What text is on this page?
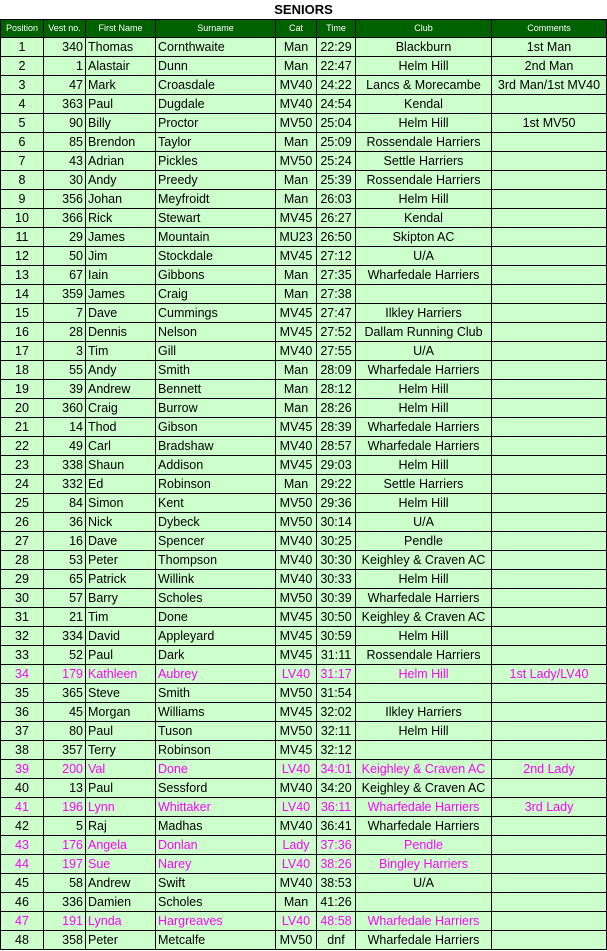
SENIORS
Position	Vest no.	First Name	Surname	Cat	Time	Club	Comments
1	340	Thomas	Cornthwaite	Man	22:29	Blackburn	1st Man
2	1	Alastair	Dunn	Man	22:47	Helm Hill	2nd Man
3	47	Mark	Croasdale	MV40	24:22	Lancs & Morecambe	3rd Man/1st MV40
4	363	Paul	Dugdale	MV40	24:54	Kendal	
5	90	Billy	Proctor	MV50	25:04	Helm Hill	1st MV50
6	85	Brendon	Taylor	Man	25:09	Rossendale Harriers	
7	43	Adrian	Pickles	MV50	25:24	Settle Harriers	
8	30	Andy	Preedy	Man	25:39	Rossendale Harriers	
9	356	Johan	Meyfroidt	Man	26:03	Helm Hill	
10	366	Rick	Stewart	MV45	26:27	Kendal	
11	29	James	Mountain	MU23	26:50	Skipton AC	
12	50	Jim	Stockdale	MV45	27:12	U/A	
13	67	Iain	Gibbons	Man	27:35	Wharfedale Harriers	
14	359	James	Craig	Man	27:38		
15	7	Dave	Cummings	MV45	27:47	Ilkley Harriers	
16	28	Dennis	Nelson	MV45	27:52	Dallam Running Club	
17	3	Tim	Gill	MV40	27:55	U/A	
18	55	Andy	Smith	Man	28:09	Wharfedale Harriers	
19	39	Andrew	Bennett	Man	28:12	Helm Hill	
20	360	Craig	Burrow	Man	28:26	Helm Hill	
21	14	Thod	Gibson	MV45	28:39	Wharfedale Harriers	
22	49	Carl	Bradshaw	MV40	28:57	Wharfedale Harriers	
23	338	Shaun	Addison	MV45	29:03	Helm Hill	
24	332	Ed	Robinson	Man	29:22	Settle Harriers	
25	84	Simon	Kent	MV50	29:36	Helm Hill	
26	36	Nick	Dybeck	MV50	30:14	U/A	
27	16	Dave	Spencer	MV40	30:25	Pendle	
28	53	Peter	Thompson	MV40	30:30	Keighley & Craven AC	
29	65	Patrick	Willink	MV40	30:33	Helm Hill	
30	57	Barry	Scholes	MV50	30:39	Wharfedale Harriers	
31	21	Tim	Done	MV45	30:50	Keighley & Craven AC	
32	334	David	Appleyard	MV45	30:59	Helm Hill	
33	52	Paul	Dark	MV45	31:11	Rossendale Harriers	
34	179	Kathleen	Aubrey	LV40	31:17	Helm Hill	1st Lady/LV40
35	365	Steve	Smith	MV50	31:54		
36	45	Morgan	Williams	MV45	32:02	Ilkley Harriers	
37	80	Paul	Tuson	MV50	32:11	Helm Hill	
38	357	Terry	Robinson	MV45	32:12		
39	200	Val	Done	LV40	34:01	Keighley & Craven AC	2nd Lady
40	13	Paul	Sessford	MV40	34:20	Keighley & Craven AC	
41	196	Lynn	Whittaker	LV40	36:11	Wharfedale Harriers	3rd Lady
42	5	Raj	Madhas	MV40	36:41	Wharfedale Harriers	
43	176	Angela	Donlan	Lady	37:36	Pendle	
44	197	Sue	Narey	LV40	38:26	Bingley Harriers	
45	58	Andrew	Swift	MV40	38:53	U/A	
46	336	Damien	Scholes	Man	41:26		
47	191	Lynda	Hargreaves	LV40	48:58	Wharfedale Harriers	
48	358	Peter	Metcalfe	MV50	dnf	Wharfedale Harriers	
